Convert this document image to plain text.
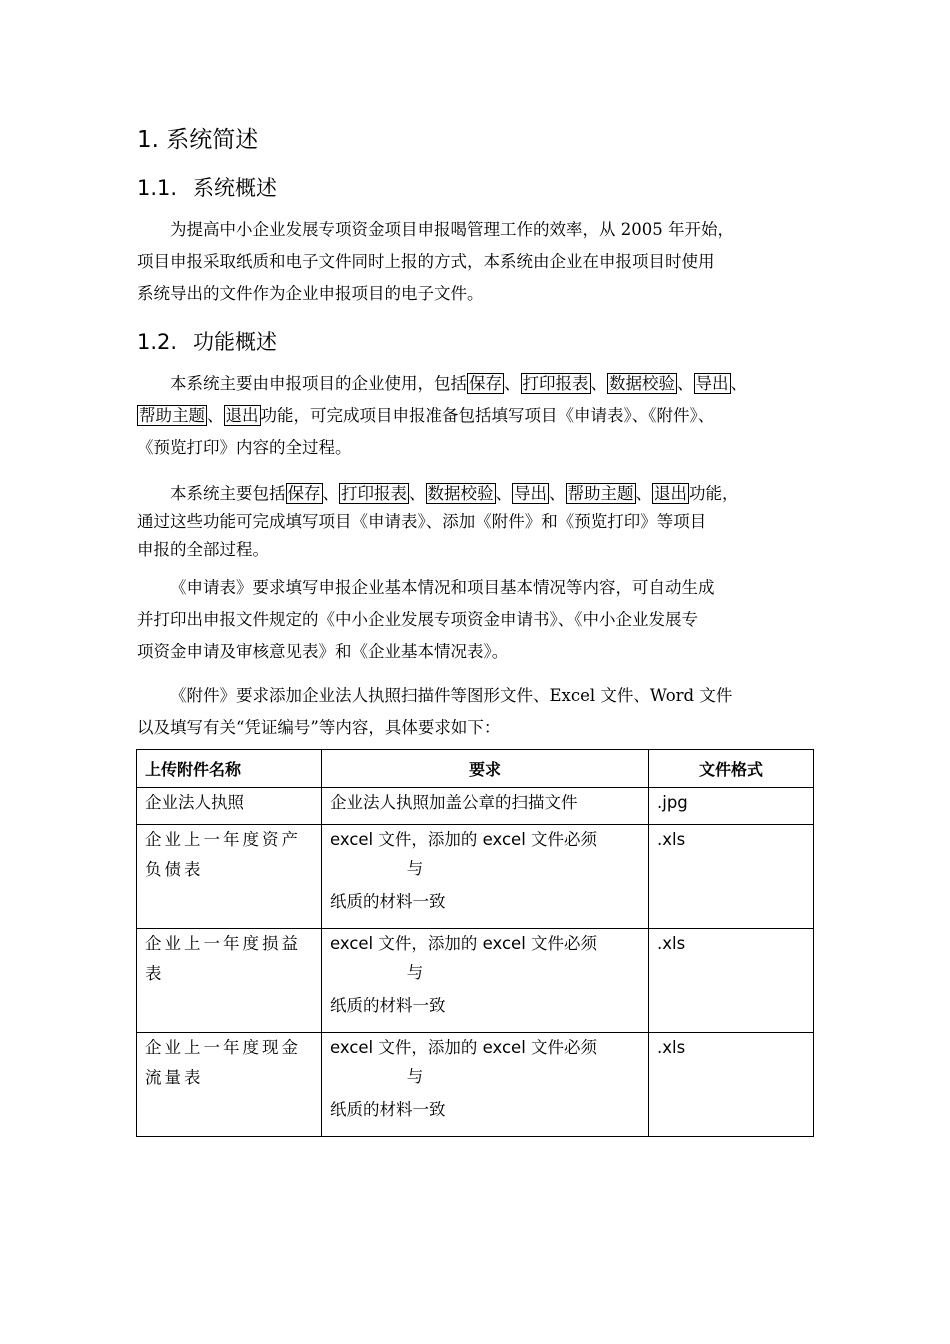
1. 系统简述
1.1. 系统概述
为提高中小企业发展专项资金项目申报喝管理工作的效率，从 2005 年开始，
项目申报采取纸质和电子文件同时上报的方式，本系统由企业在申报项目时使用
系统导出的文件作为企业申报项目的电子文件。
1.2. 功能概述
本系统主要由申报项目的企业使用，包括 保存 、 打印报表 、 数据校验 、 导出 、
帮助主题 、 退出 功能，可完成项目申报准备包括填写项目《申请表》、《附件》、
《预览打印》内容的全过程。
本系统主要包括 保存 、 打印报表 、 数据校验 、 导出 、 帮助主题 、 退出 功能，
通过这些功能可完成填写项目《申请表》、添加《附件》和《预览打印》等项目
申报的全部过程。
《申请表》要求填写申报企业基本情况和项目基本情况等内容，可自动生成
并打印出申报文件规定的《中小企业发展专项资金申请书》、《中小企业发展专
项资金申请及审核意见表》和《企业基本情况表》。
《附件》要求添加企业法人执照扫描件等图形文件、Excel 文件、Word 文件
以及填写有关“凭证编号”等内容，具体要求如下：
上传附件名称	要求	文件格式
企业法人执照	企业法人执照加盖公章的扫描文件	.jpg
企业上一年度资产负债表	excel 文件，添加的 excel 文件必须
与
纸质的材料一致	.xls
企业上一年度损益表	excel 文件，添加的 excel 文件必须
与
纸质的材料一致	.xls
企业上一年度现金流量表	excel 文件，添加的 excel 文件必须
与
纸质的材料一致	.xls
